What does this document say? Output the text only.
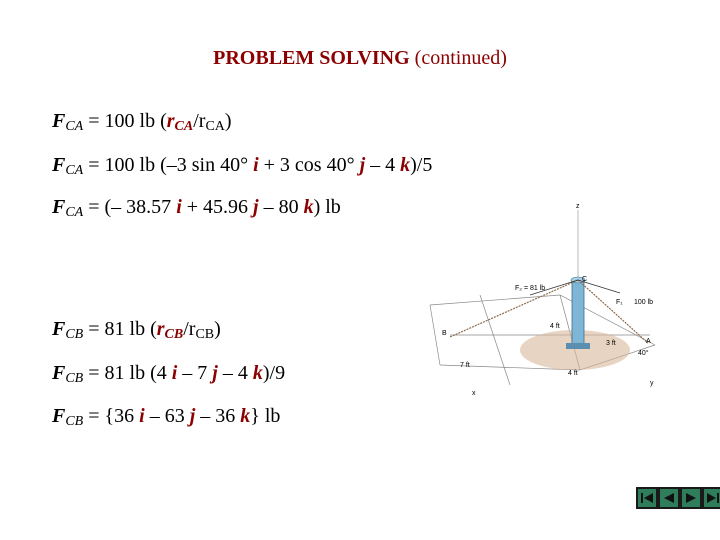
PROBLEM SOLVING (continued)
$F_{CA} = 100$ lb $(r_{CA}/rCA)$
$F_{CA} = 100$ lb (–3 sin 40° i + 3 cos 40° j – 4 k)/5
$F_{CA}$ = (– 38.57 i + 45.96 j – 80 k) lb
$F_{CB} = 81$ lb $(r_{CB}/rCB)$
$F_{CB} = 81$ lb (4 i – 7 j – 4 k)/9
$F_{CB} = \{36$ i – 63 j – 36 k} lb
z
C
F₂ = 81 lb
F₁ 100 lb
4 ft
3 ft	A
B
7 ft
4 ft
40°
x
y
